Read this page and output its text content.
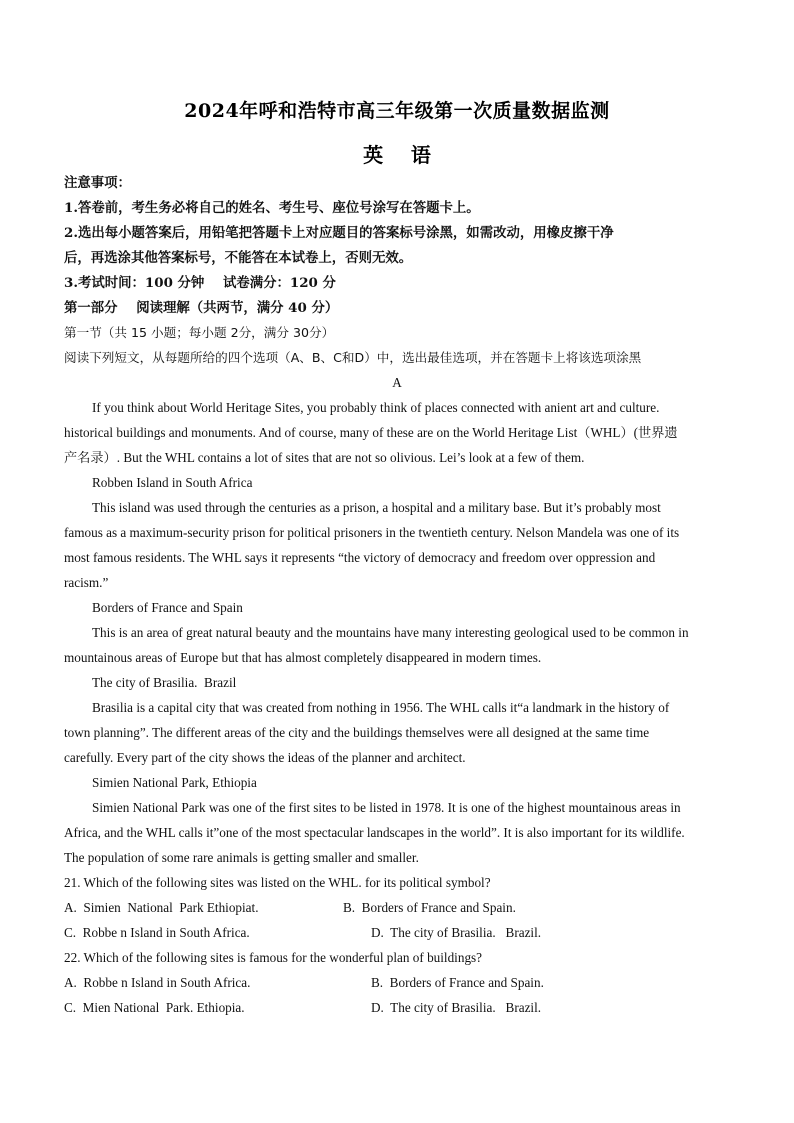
2024年呼和浩特市高三年级第一次质量数据监测
英    语
注意事项：
1.答卷前，考生务必将自己的姓名、考生号、座位号涂写在答题卡上。
2.选出每小题答案后，用铅笔把答题卡上对应题目的答案标号涂黑，如需改动，用橡皮擦干净
后，再选涂其他答案标号，不能答在本试卷上，否则无效。
3.考试时间：100 分钟    试卷满分：120 分
第一部分    阅读理解（共两节，满分 40 分）
第一节（共 15 小题；每小题 2分，满分 30分）
阅读下列短文，从每题所给的四个选项（A、B、C和D）中，选出最佳选项，并在答题卡上将该选项涂黑
A
If you think about World Heritage Sites, you probably think of places connected with anient art and culture.
historical buildings and monuments. And of course, many of these are on the World Heritage List（WHL）(世界遗
产名录）. But the WHL contains a lot of sites that are not so olivious. Lei’s look at a few of them.
Robben Island in South Africa
This island was used through the centuries as a prison, a hospital and a military base. But it’s probably most
famous as a maximum-security prison for political prisoners in the twentieth century. Nelson Mandela was one of its
most famous residents. The WHL says it represents “the victory of democracy and freedom over oppression and
racism.”
Borders of France and Spain
This is an area of great natural beauty and the mountains have many interesting geological used to be common in
mountainous areas of Europe but that has almost completely disappeared in modern times.
The city of Brasilia.  Brazil
Brasilia is a capital city that was created from nothing in 1956. The WHL calls it“a landmark in the history of
town planning”. The different areas of the city and the buildings themselves were all designed at the same time
carefully. Every part of the city shows the ideas of the planner and architect.
Simien National Park, Ethiopia
Simien National Park was one of the first sites to be listed in 1978. It is one of the highest mountainous areas in
Africa, and the WHL calls it”one of the most spectacular landscapes in the world”. It is also important for its wildlife.
The population of some rare animals is getting smaller and smaller.
21. Which of the following sites was listed on the WHL. for its political symbol?
A.  Simien  National  Park Ethiopiat.	B.  Borders of France and Spain.
C.  Robbe n Island in South Africa.	D.  The city of Brasilia.   Brazil.
22. Which of the following sites is famous for the wonderful plan of buildings?
A.  Robbe n Island in South Africa.	B.  Borders of France and Spain.
C.  Mien National  Park. Ethiopia.	D.  The city of Brasilia.   Brazil.
